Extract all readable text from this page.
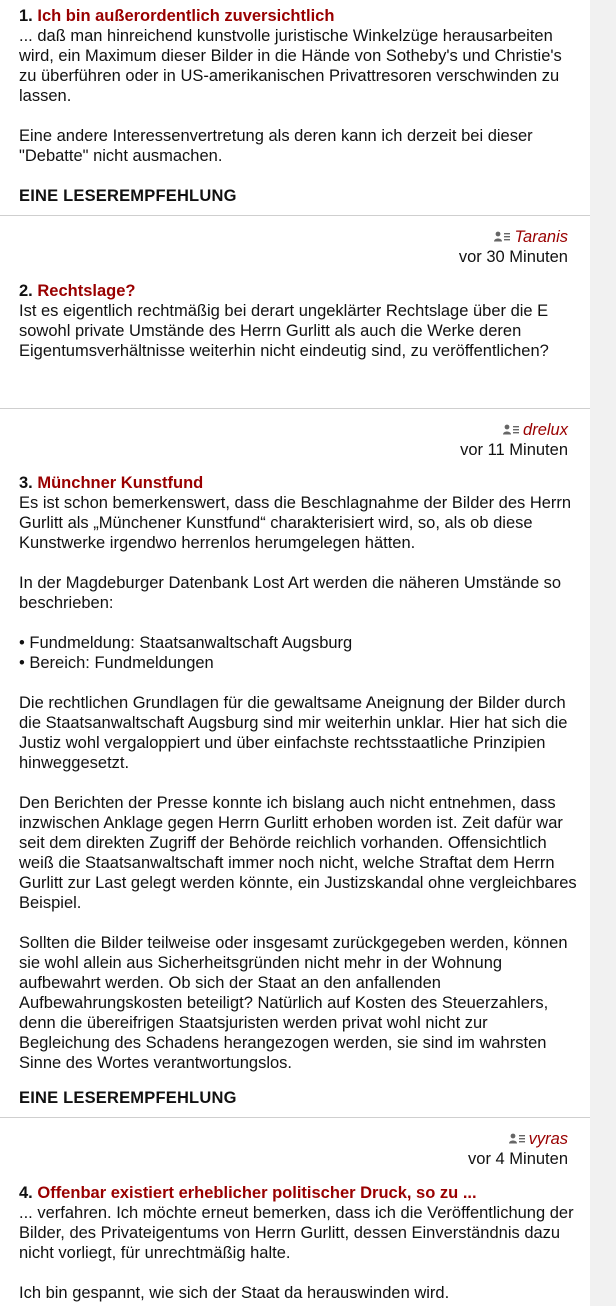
1. Ich bin außerordentlich zuversichtlich

... daß man hinreichend kunstvolle juristische Winkelzüge herausarbeiten wird, ein Maximum dieser Bilder in die Hände von Sotheby's und Christie's zu überführen oder in US-amerikanischen Privattresoren verschwinden zu lassen.

Eine andere Interessenvertretung als deren kann ich derzeit bei dieser "Debatte" nicht ausmachen.

EINE LESEREMPFEHLUNG
Taranis
vor 30 Minuten
2. Rechtslage?

Ist es eigentlich rechtmäßig bei derart ungeklärter Rechtslage über die E sowohl private Umstände des Herrn Gurlitt als auch die Werke deren Eigentumsverhältnisse weiterhin nicht eindeutig sind, zu veröffentlichen?

drelux
vor 11 Minuten
3. Münchner Kunstfund

Es ist schon bemerkenswert, dass die Beschlagnahme der Bilder des Herrn Gurlitt als „Münchener Kunstfund“ charakterisiert wird, so, als ob diese Kunstwerke irgendwo herrenlos herumgelegen hätten.

In der Magdeburger Datenbank Lost Art werden die näheren Umstände so beschrieben:

• Fundmeldung: Staatsanwaltschaft Augsburg
• Bereich: Fundmeldungen

Die rechtlichen Grundlagen für die gewaltsame Aneignung der Bilder durch die Staatsanwaltschaft Augsburg sind mir weiterhin unklar. Hier hat sich die Justiz wohl vergaloppiert und über einfachste rechtsstaatliche Prinzipien hinweggesetzt.

Den Berichten der Presse konnte ich bislang auch nicht entnehmen, dass inzwischen Anklage gegen Herrn Gurlitt erhoben worden ist. Zeit dafür war seit dem direkten Zugriff der Behörde reichlich vorhanden. Offensichtlich weiß die Staatsanwaltschaft immer noch nicht, welche Straftat dem Herrn Gurlitt zur Last gelegt werden könnte, ein Justizskandal ohne vergleichbares Beispiel.

Sollten die Bilder teilweise oder insgesamt zurückgegeben werden, können sie wohl allein aus Sicherheitsgründen nicht mehr in der Wohnung aufbewahrt werden. Ob sich der Staat an den anfallenden Aufbewahrungskosten beteiligt? Natürlich auf Kosten des Steuerzahlers, denn die übereifrigen Staatsjuristen werden privat wohl nicht zur Begleichung des Schadens herangezogen werden, sie sind im wahrsten Sinne des Wortes verantwortungslos.

EINE LESEREMPFEHLUNG
vyras
vor 4 Minuten
4. Offenbar existiert erheblicher politischer Druck, so zu ...

... verfahren. Ich möchte erneut bemerken, dass ich die Veröffentlichung der Bilder, des Privateigentums von Herrn Gurlitt, dessen Einverständnis dazu nicht vorliegt, für unrechtmäßig halte.

Ich bin gespannt, wie sich der Staat da herauswinden wird.
